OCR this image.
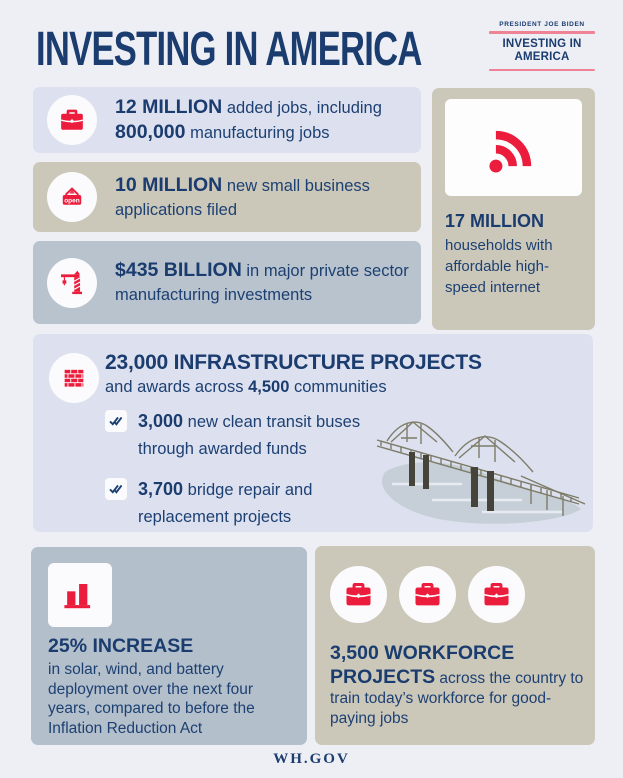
INVESTING IN AMERICA	PRESIDENT JOE BIDEN
INVESTING IN AMERICA
12 MILLION added jobs, including 800,000 manufacturing jobs
open
10 MILLION new small business applications filed
$435 BILLION in major private sector manufacturing investments
17 MILLION
households with affordable high-speed internet
23,000 INFRASTRUCTURE PROJECTS
and awards across 4,500 communities
3,000 new clean transit buses through awarded funds
3,700 bridge repair and replacement projects
25% INCREASE
in solar, wind, and battery deployment over the next four years, compared to before the Inflation Reduction Act
3,500 WORKFORCE PROJECTS across the country to train today’s workforce for good-paying jobs
WH.GOV
